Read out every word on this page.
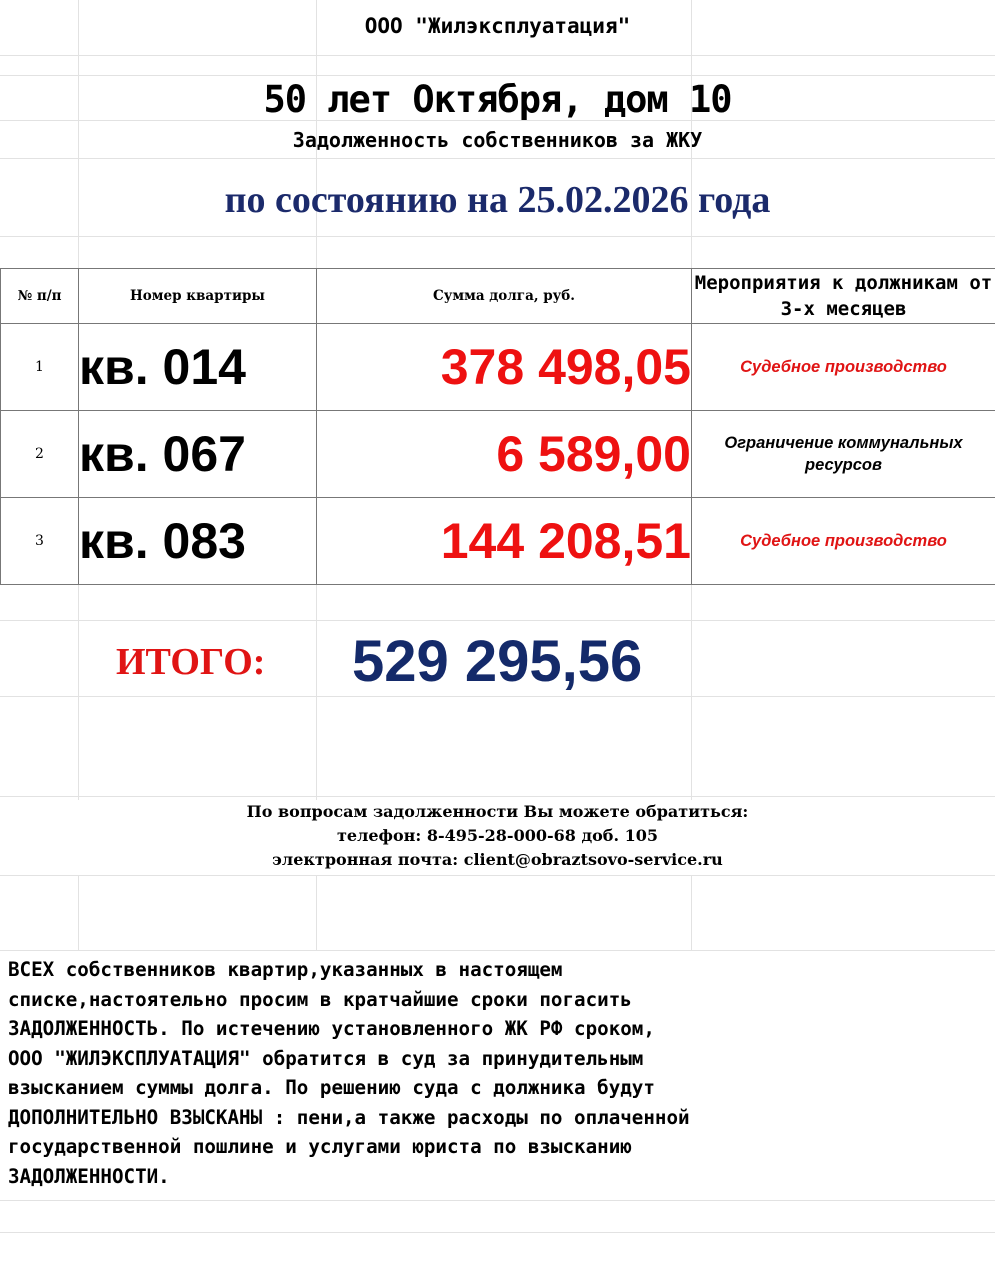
ООО "Жилэксплуатация"
50 лет Октября, дом 10
Задолженность собственников за ЖКУ
по состоянию на 25.02.2026 года
№ п/п	Номер квартиры	Сумма долга, руб.	Мероприятия к должникам от 3-х месяцев

1	кв. 014	378 498,05	Судебное производство
2	кв. 067	6 589,00	Ограничение коммунальных ресурсов
3	кв. 083	144 208,51	Судебное производство
ИТОГО: 529 295,56
По вопросам задолженности Вы можете обратиться:
телефон: 8-495-28-000-68 доб. 105
электронная почта: client@obraztsovo-service.ru
ВСЕХ собственников квартир,указанных в настоящем
списке,настоятельно просим в кратчайшие сроки погасить
ЗАДОЛЖЕННОСТЬ. По истечению установленного ЖК РФ сроком,
ООО "ЖИЛЭКСПЛУАТАЦИЯ" обратится в суд за принудительным
взысканием суммы долга. По решению суда с должника будут
ДОПОЛНИТЕЛЬНО ВЗЫСКАНЫ : пени,а также расходы по оплаченной
государственной пошлине и услугами юриста по взысканию
ЗАДОЛЖЕННОСТИ.
